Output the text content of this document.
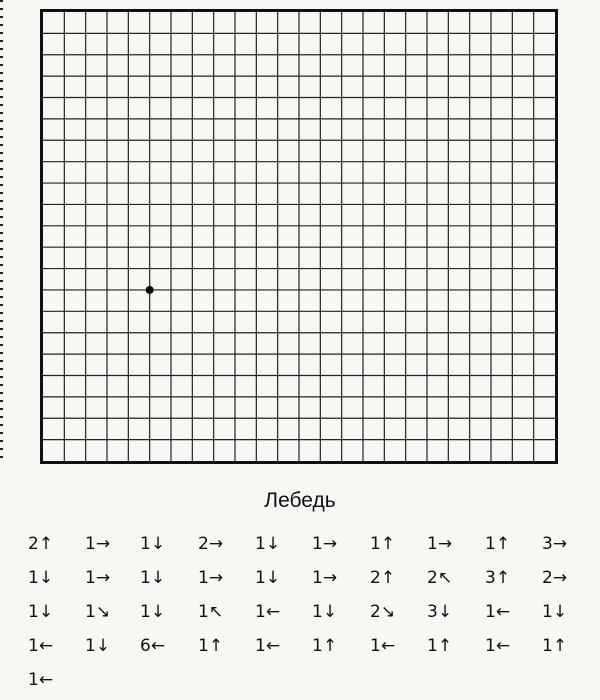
Лебедь
2↑ 1→ 1↓ 2→ 1↓ 1→ 1↑ 1→ 1↑ 3→
1↓ 1→ 1↓ 1→ 1↓ 1→ 2↑ 2↖ 3↑ 2→
1↓ 1↘ 1↓ 1↖ 1← 1↓ 2↘ 3↓ 1← 1↓
1← 1↓ 6← 1↑ 1← 1↑ 1← 1↑ 1← 1↑
1←
